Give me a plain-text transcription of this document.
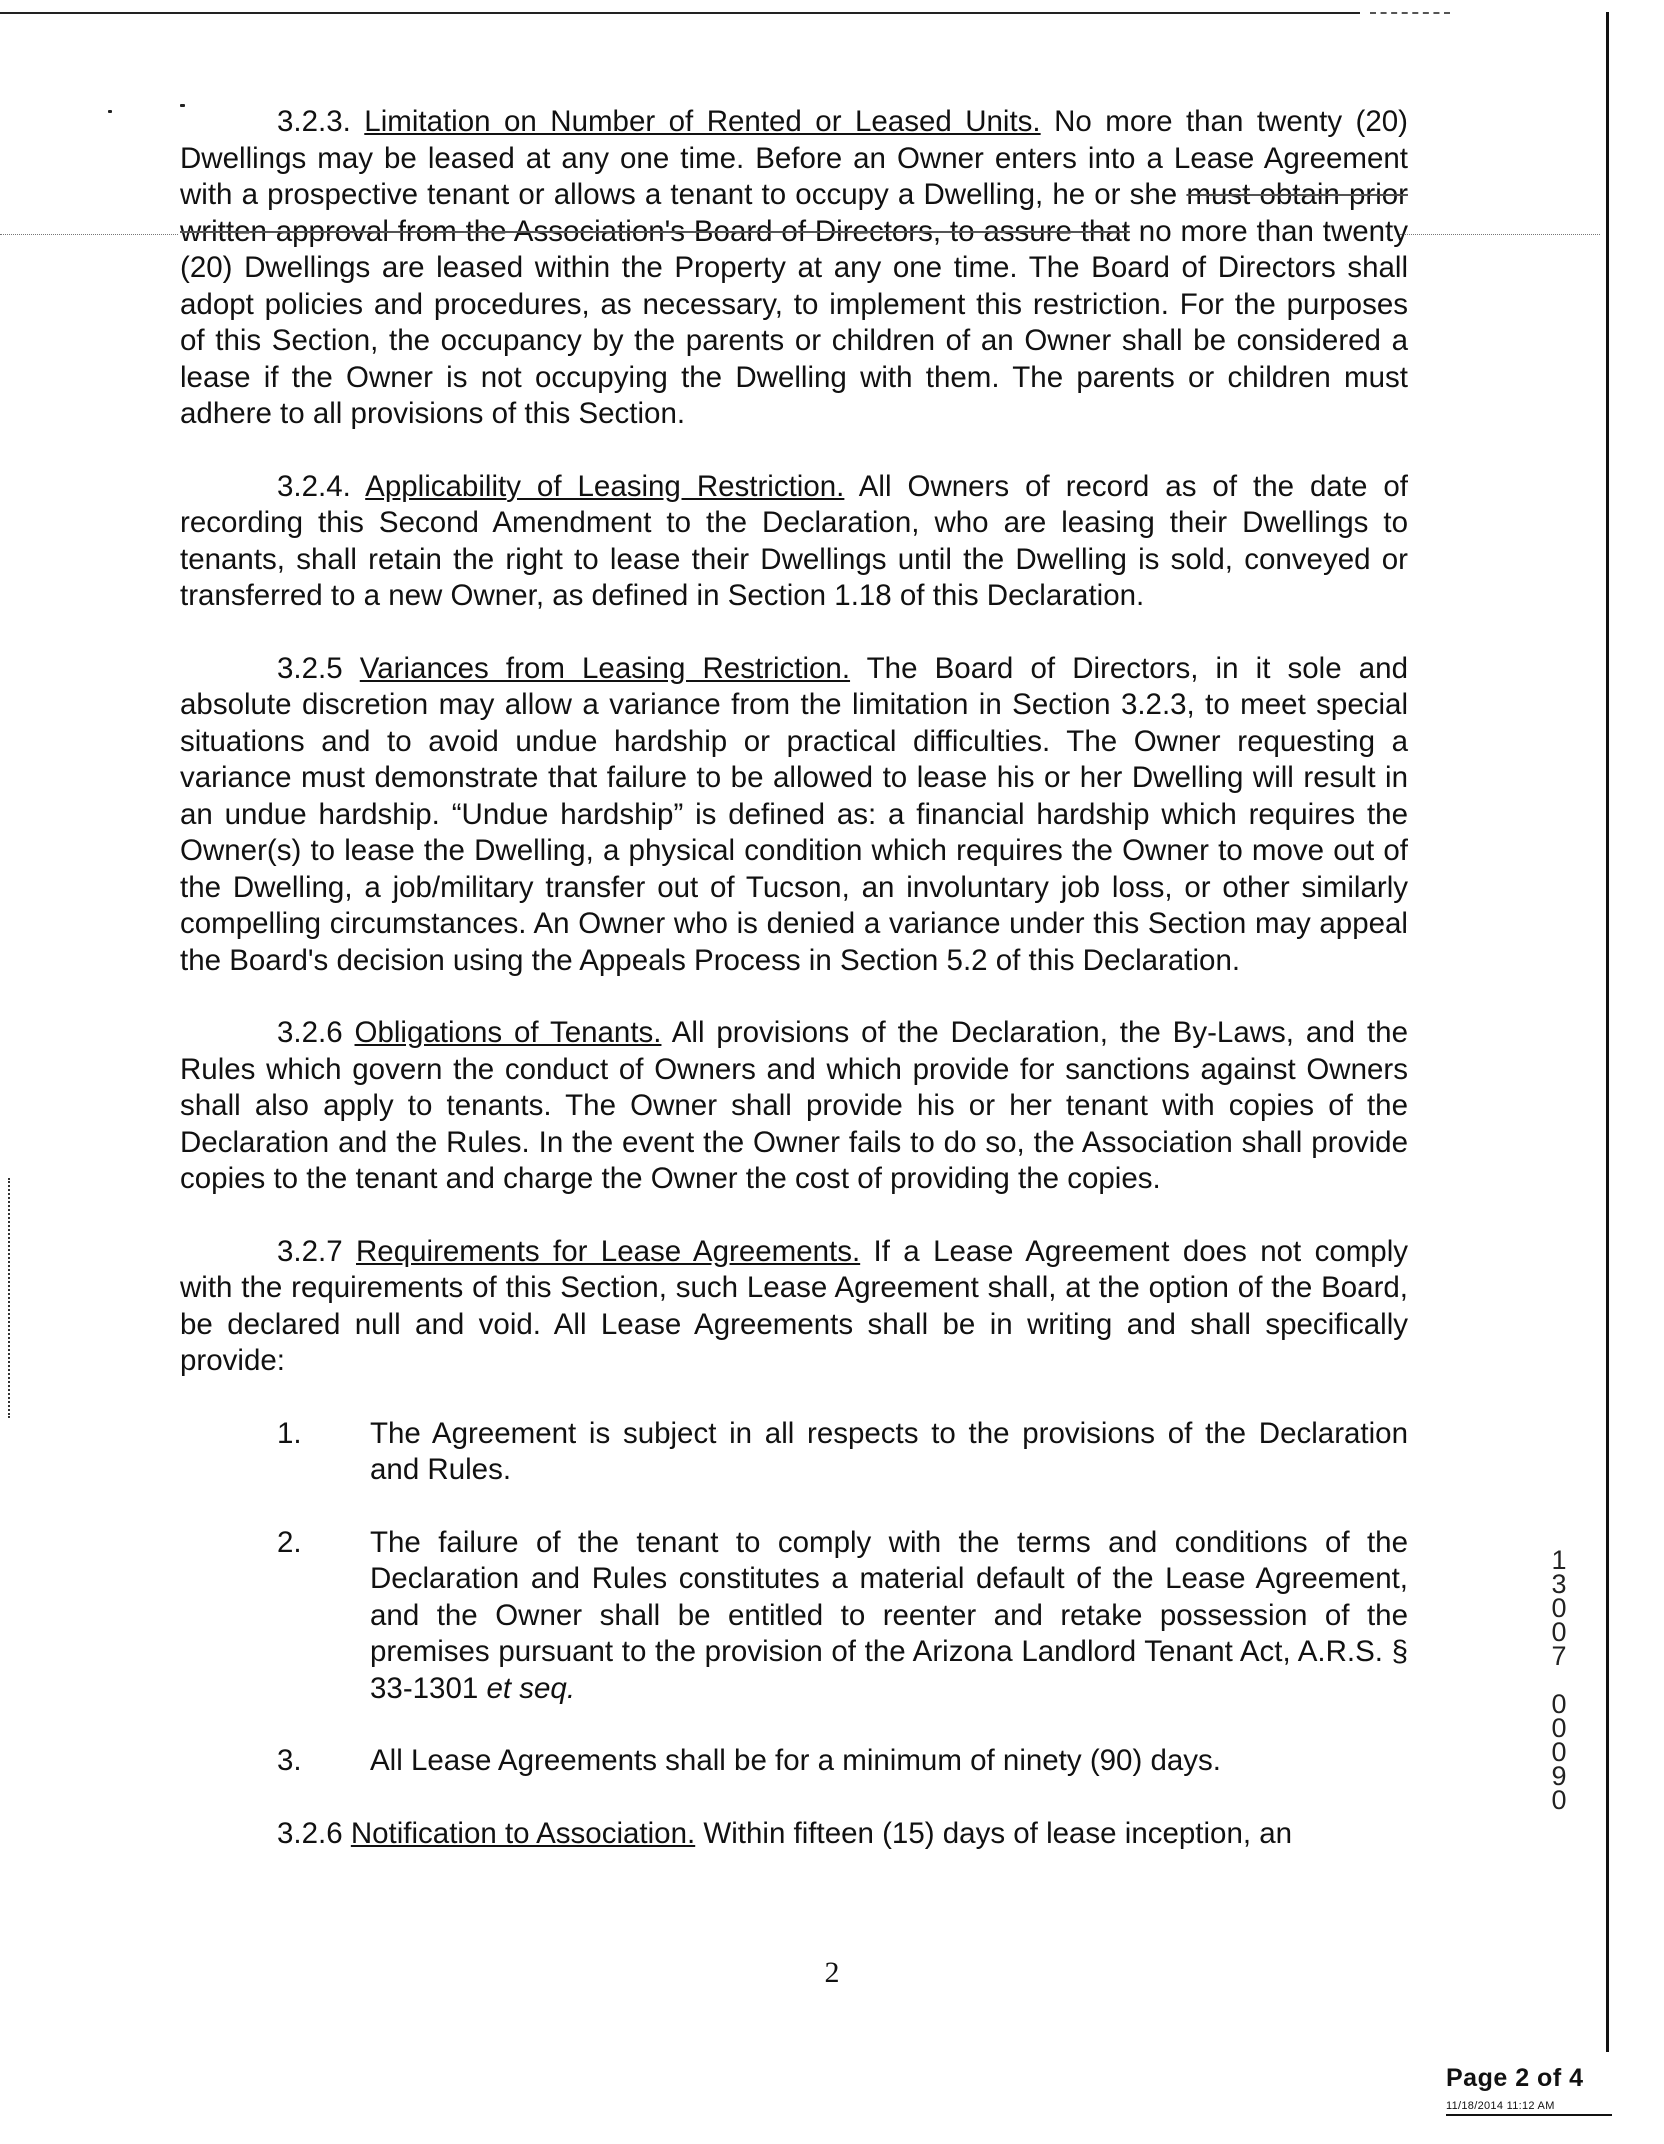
3.2.3. Limitation on Number of Rented or Leased Units. No more than twenty (20) Dwellings may be leased at any one time. Before an Owner enters into a Lease Agreement with a prospective tenant or allows a tenant to occupy a Dwelling, he or she must obtain prior written approval from the Association's Board of Directors, to assure that no more than twenty (20) Dwellings are leased within the Property at any one time. The Board of Directors shall adopt policies and procedures, as necessary, to implement this restriction. For the purposes of this Section, the occupancy by the parents or children of an Owner shall be considered a lease if the Owner is not occupying the Dwelling with them. The parents or children must adhere to all provisions of this Section.

3.2.4. Applicability of Leasing Restriction. All Owners of record as of the date of recording this Second Amendment to the Declaration, who are leasing their Dwellings to tenants, shall retain the right to lease their Dwellings until the Dwelling is sold, conveyed or transferred to a new Owner, as defined in Section 1.18 of this Declaration.

3.2.5 Variances from Leasing Restriction. The Board of Directors, in it sole and absolute discretion may allow a variance from the limitation in Section 3.2.3, to meet special situations and to avoid undue hardship or practical difficulties. The Owner requesting a variance must demonstrate that failure to be allowed to lease his or her Dwelling will result in an undue hardship. “Undue hardship” is defined as: a financial hardship which requires the Owner(s) to lease the Dwelling, a physical condition which requires the Owner to move out of the Dwelling, a job/military transfer out of Tucson, an involuntary job loss, or other similarly compelling circumstances. An Owner who is denied a variance under this Section may appeal the Board's decision using the Appeals Process in Section 5.2 of this Declaration.

3.2.6 Obligations of Tenants. All provisions of the Declaration, the By-Laws, and the Rules which govern the conduct of Owners and which provide for sanctions against Owners shall also apply to tenants. The Owner shall provide his or her tenant with copies of the Declaration and the Rules. In the event the Owner fails to do so, the Association shall provide copies to the tenant and charge the Owner the cost of providing the copies.

3.2.7 Requirements for Lease Agreements. If a Lease Agreement does not comply with the requirements of this Section, such Lease Agreement shall, at the option of the Board, be declared null and void. All Lease Agreements shall be in writing and shall specifically provide:

1. The Agreement is subject in all respects to the provisions of the Declaration and Rules.
2. The failure of the tenant to comply with the terms and conditions of the Declaration and Rules constitutes a material default of the Lease Agreement, and the Owner shall be entitled to reenter and retake possession of the premises pursuant to the provision of the Arizona Landlord Tenant Act, A.R.S. § 33-1301 et seq.
3. All Lease Agreements shall be for a minimum of ninety (90) days.

3.2.6 Notification to Association. Within fifteen (15) days of lease inception, an

2
1
3
0
0
7

0
0
0
9
0
Page 2 of 4
11/18/2014 11:12 AM
